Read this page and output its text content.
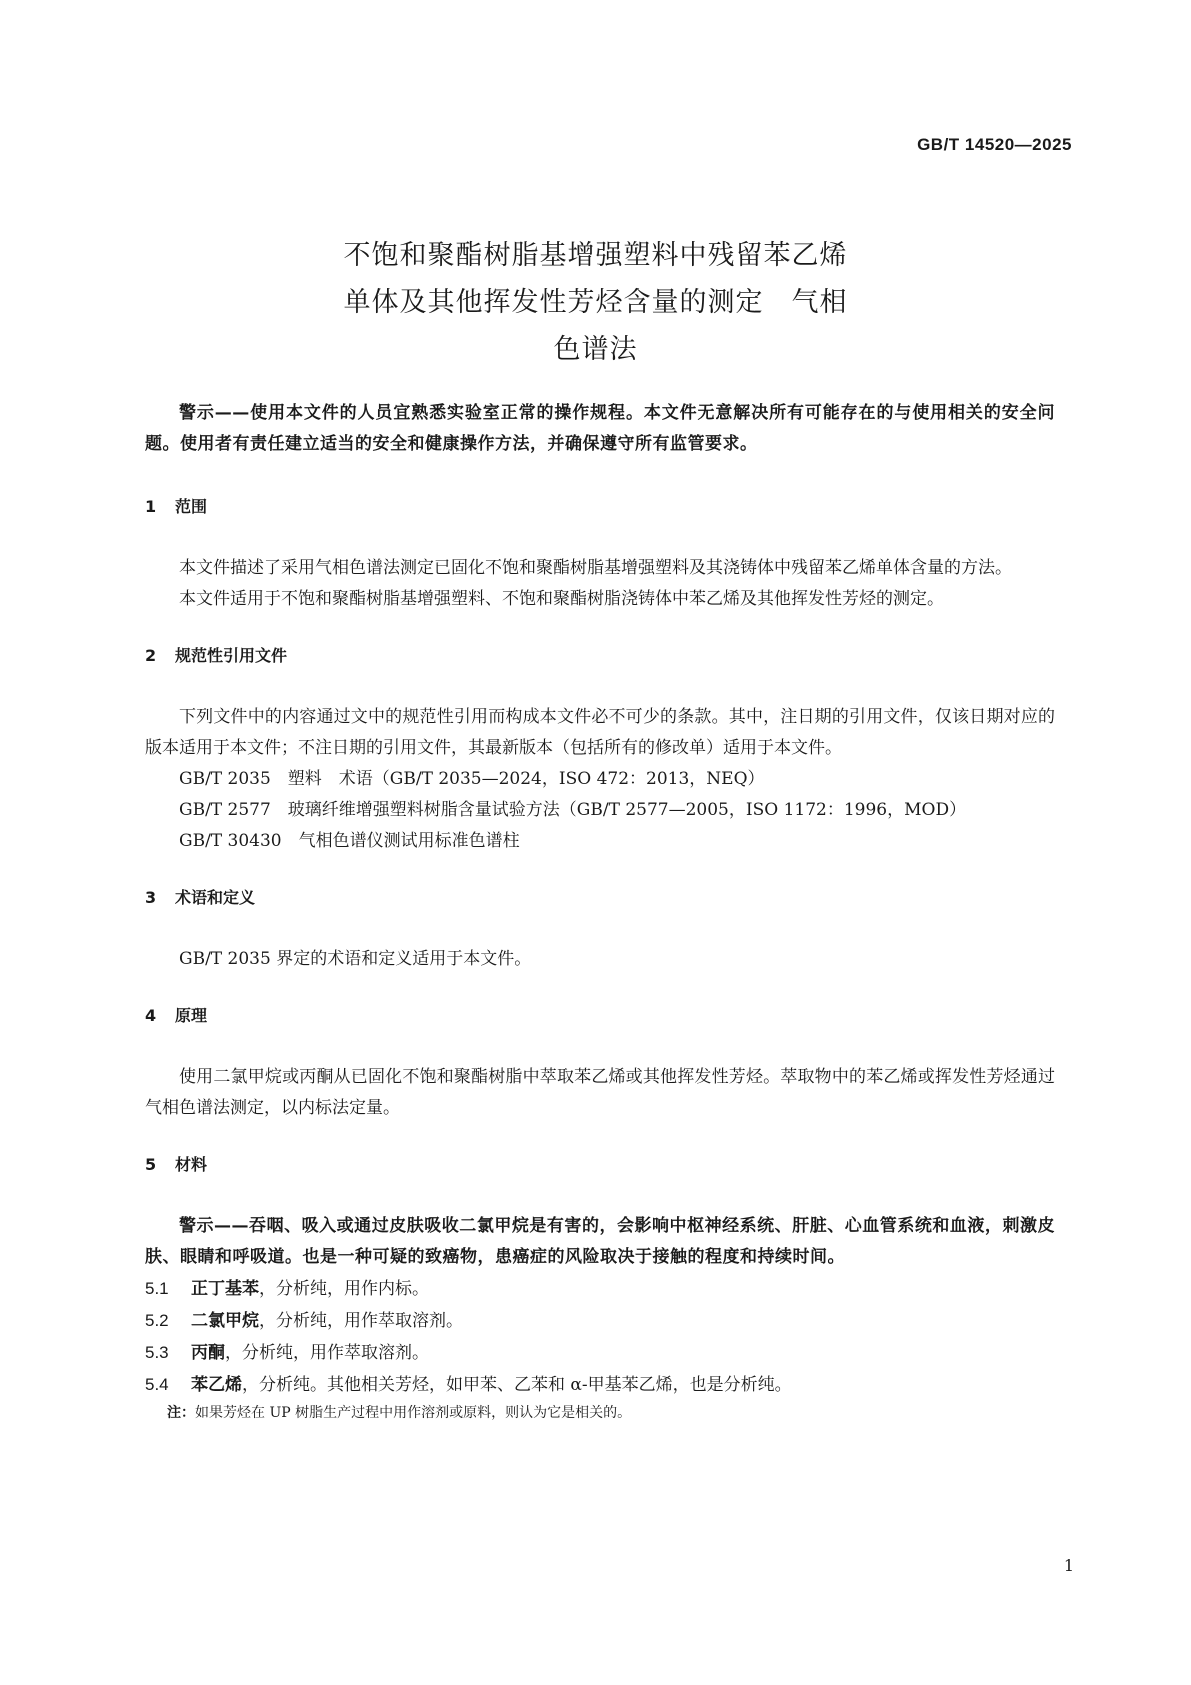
GB/T 14520—2025
不饱和聚酯树脂基增强塑料中残留苯乙烯
单体及其他挥发性芳烃含量的测定　气相
色谱法

警示——使用本文件的人员宜熟悉实验室正常的操作规程。本文件无意解决所有可能存在的与使用相关的安全问题。使用者有责任建立适当的安全和健康操作方法，并确保遵守所有监管要求。

1 范围

本文件描述了采用气相色谱法测定已固化不饱和聚酯树脂基增强塑料及其浇铸体中残留苯乙烯单体含量的方法。

本文件适用于不饱和聚酯树脂基增强塑料、不饱和聚酯树脂浇铸体中苯乙烯及其他挥发性芳烃的测定。

2 规范性引用文件

下列文件中的内容通过文中的规范性引用而构成本文件必不可少的条款。其中，注日期的引用文件，仅该日期对应的版本适用于本文件；不注日期的引用文件，其最新版本（包括所有的修改单）适用于本文件。

GB/T 2035　塑料　术语（GB/T 2035—2024，ISO 472：2013，NEQ）

GB/T 2577　玻璃纤维增强塑料树脂含量试验方法（GB/T 2577—2005，ISO 1172：1996，MOD）

GB/T 30430　气相色谱仪测试用标准色谱柱

3 术语和定义

GB/T 2035 界定的术语和定义适用于本文件。

4 原理

使用二氯甲烷或丙酮从已固化不饱和聚酯树脂中萃取苯乙烯或其他挥发性芳烃。萃取物中的苯乙烯或挥发性芳烃通过气相色谱法测定，以内标法定量。

5 材料

警示——吞咽、吸入或通过皮肤吸收二氯甲烷是有害的，会影响中枢神经系统、肝脏、心血管系统和血液，刺激皮肤、眼睛和呼吸道。也是一种可疑的致癌物，患癌症的风险取决于接触的程度和持续时间。

5.1 正丁基苯，分析纯，用作内标。

5.2 二氯甲烷，分析纯，用作萃取溶剂。

5.3 丙酮，分析纯，用作萃取溶剂。

5.4 苯乙烯，分析纯。其他相关芳烃，如甲苯、乙苯和 α-甲基苯乙烯，也是分析纯。

注：如果芳烃在 UP 树脂生产过程中用作溶剂或原料，则认为它是相关的。

1
